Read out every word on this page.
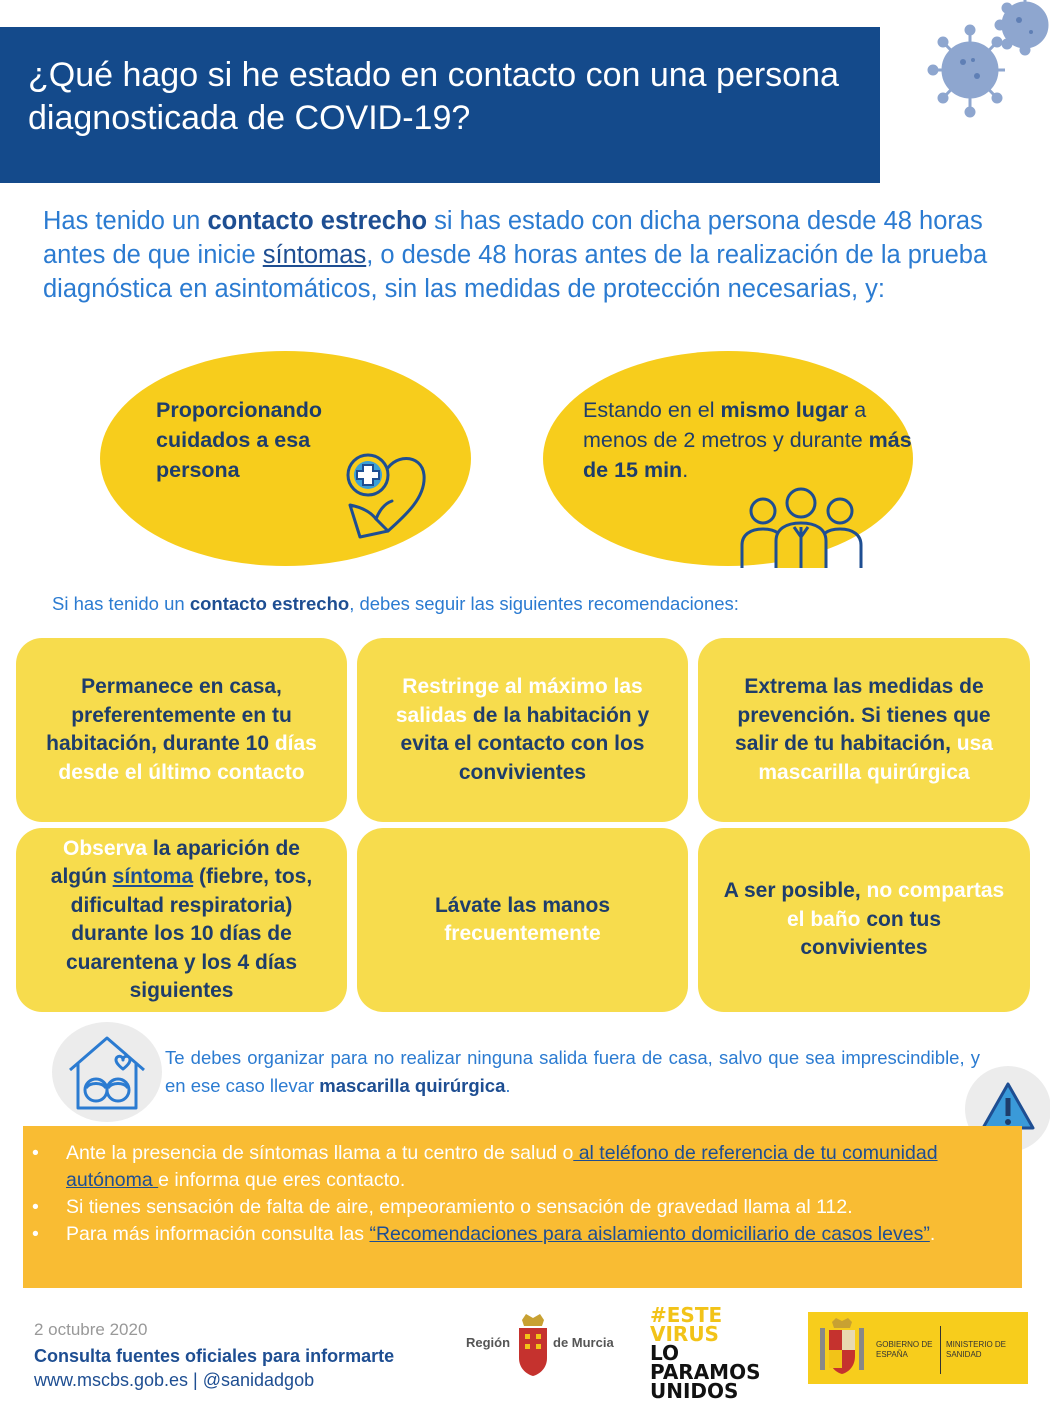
¿Qué hago si he estado en contacto con una persona diagnosticada de COVID-19?
Has tenido un contacto estrecho si has estado con dicha persona desde 48 horas antes de que inicie síntomas, o desde 48 horas antes de la realización de la prueba diagnóstica en asintomáticos, sin las medidas de protección necesarias, y:
Proporcionando cuidados a esa persona
Estando en el mismo lugar a menos de 2 metros y durante más de 15 min.
Si has tenido un contacto estrecho, debes seguir las siguientes recomendaciones:
Permanece en casa, preferentemente en tu habitación, durante 10 días desde el último contacto
Restringe al máximo las salidas de la habitación y evita el contacto con los convivientes
Extrema las medidas de prevención. Si tienes que salir de tu habitación, usa mascarilla quirúrgica
Observa la aparición de algún síntoma (fiebre, tos, dificultad respiratoria) durante los 10 días de cuarentena y los 4 días siguientes
Lávate las manos frecuentemente
A ser posible, no compartas el baño con tus convivientes
Te debes organizar para no realizar ninguna salida fuera de casa, salvo que sea imprescindible, y en ese caso llevar mascarilla quirúrgica.
• Ante la presencia de síntomas llama a tu centro de salud o al teléfono de referencia de tu comunidad autónoma e informa que eres contacto.
• Si tienes sensación de falta de aire, empeoramiento o sensación de gravedad llama al 112.
• Para más información consulta las “Recomendaciones para aislamiento domiciliario de casos leves”.
2 octubre 2020
Consulta fuentes oficiales para informarte
www.mscbs.gob.es | @sanidadgob
Región	de Murcia
#ESTE
VIRUS
LO
PARAMOS
UNIDOS
GOBIERNO DE ESPAÑA
MINISTERIO DE SANIDAD
